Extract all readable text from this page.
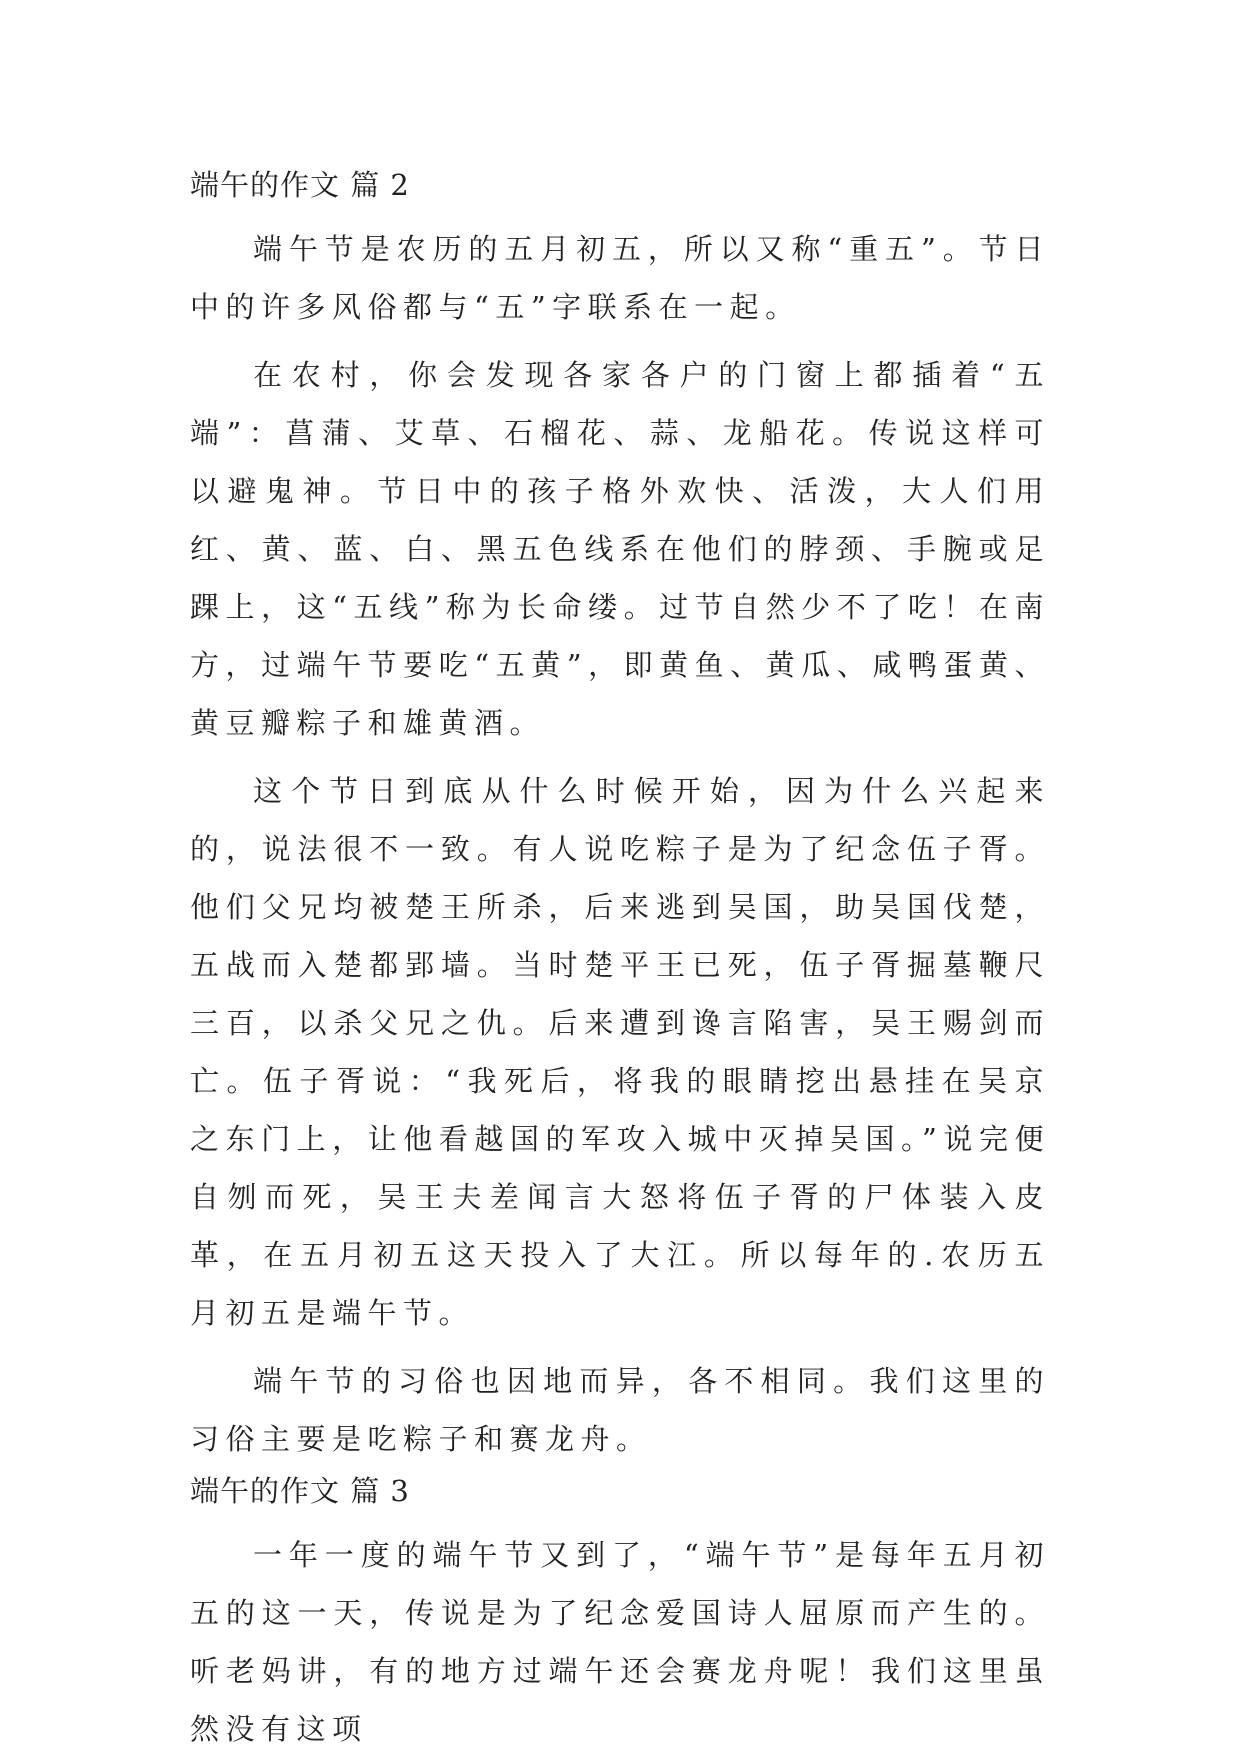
端午的作文 篇 2

端午节是农历的五月初五，所以又称“重五”。节日中的许多风俗都与“五”字联系在一起。

在农村，你会发现各家各户的门窗上都插着“五端”：菖蒲、艾草、石榴花、蒜、龙船花。传说这样可以避鬼神。节日中的孩子格外欢快、活泼，大人们用红、黄、蓝、白、黑五色线系在他们的脖颈、手腕或足踝上，这“五线”称为长命缕。过节自然少不了吃！在南方，过端午节要吃“五黄”，即黄鱼、黄瓜、咸鸭蛋黄、黄豆瓣粽子和雄黄酒。

这个节日到底从什么时候开始，因为什么兴起来的，说法很不一致。有人说吃粽子是为了纪念伍子胥。他们父兄均被楚王所杀，后来逃到吴国，助吴国伐楚，五战而入楚都郢墙。当时楚平王已死，伍子胥掘墓鞭尺三百，以杀父兄之仇。后来遭到谗言陷害，吴王赐剑而亡。伍子胥说：“我死后，将我的眼睛挖出悬挂在吴京之东门上，让他看越国的军攻入城中灭掉吴国。”说完便自刎而死，吴王夫差闻言大怒将伍子胥的尸体装入皮革，在五月初五这天投入了大江。所以每年的.农历五月初五是端午节。

端午节的习俗也因地而异，各不相同。我们这里的习俗主要是吃粽子和赛龙舟。

端午的作文 篇 3

一年一度的端午节又到了，“端午节”是每年五月初五的这一天，传说是为了纪念爱国诗人屈原而产生的。听老妈讲，有的地方过端午还会赛龙舟呢！我们这里虽然没有这项
